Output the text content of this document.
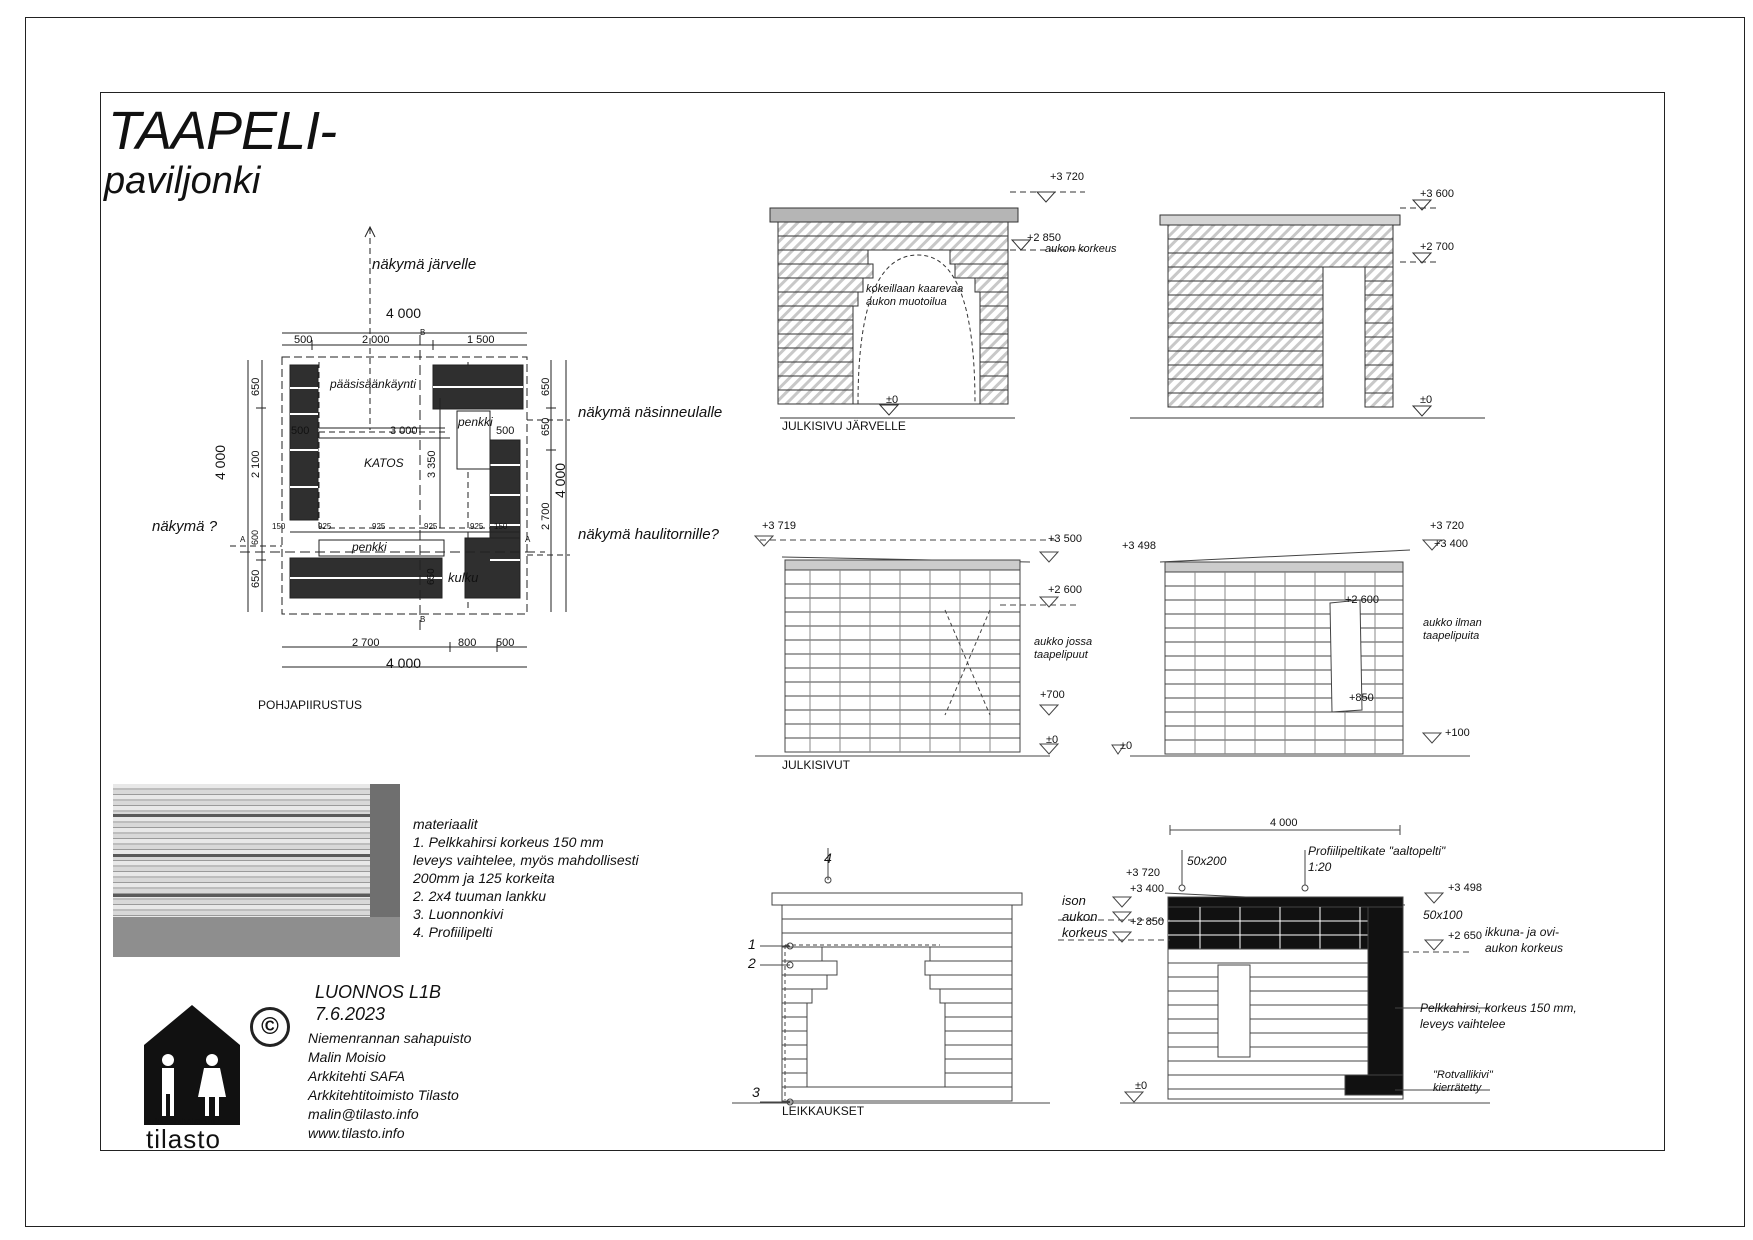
TAAPELI-
paviljonki
näkymä järvelle
näkymä näsinneulalle
näkymä haulitornille?
näkymä ?
pääsisäänkäynti
KATOS
penkki
penkki
kulku
POHJAPIIRUSTUS
4 000
500	2 000	1 500
2 700	800 500
4 000
4 000
650
2 100
650
4 000
650
650
2 700
3 000
500	500
3 350
150	925	925	925	925 150
600
650
B
B
A	A
materiaalit
1. Pelkkahirsi korkeus 150 mm
leveys vaihtelee, myös mahdollisesti
200mm ja 125 korkeita
2. 2x4 tuuman lankku
3. Luonnonkivi
4. Profiilipelti
©
LUONNOS L1B
7.6.2023
Niemenrannan sahapuisto
Malin Moisio
Arkkitehti SAFA
Arkkitehtitoimisto Tilasto
malin@tilasto.info
www.tilasto.info
arkkitehtitoimisto
tilasto
+3 720
+2 850
aukon korkeus
kokeillaan kaarevaa
aukon muotoilua
±0
JULKISIVU JÄRVELLE
+3 600
+2 700
±0
+3 719
+3 500
+2 600
aukko jossa
taapelipuut
+700
±0
JULKISIVUT
+3 498
+3 720
+3 400
+2 600
aukko ilman
taapelipuita
+850
+100
±0
4
1
2
3
LEIKKAUKSET
4 000
50x200
Profiilipeltikate "aaltopelti"
1:20
+3 720
+3 400
+2 850
ison
aukon
korkeus
+3 498
50x100
+2 650 ikkuna- ja ovi-
aukon korkeus
Pelkkahirsi, korkeus 150 mm,
leveys vaihtelee
"Rotvallikivi"
kierrätetty
±0
